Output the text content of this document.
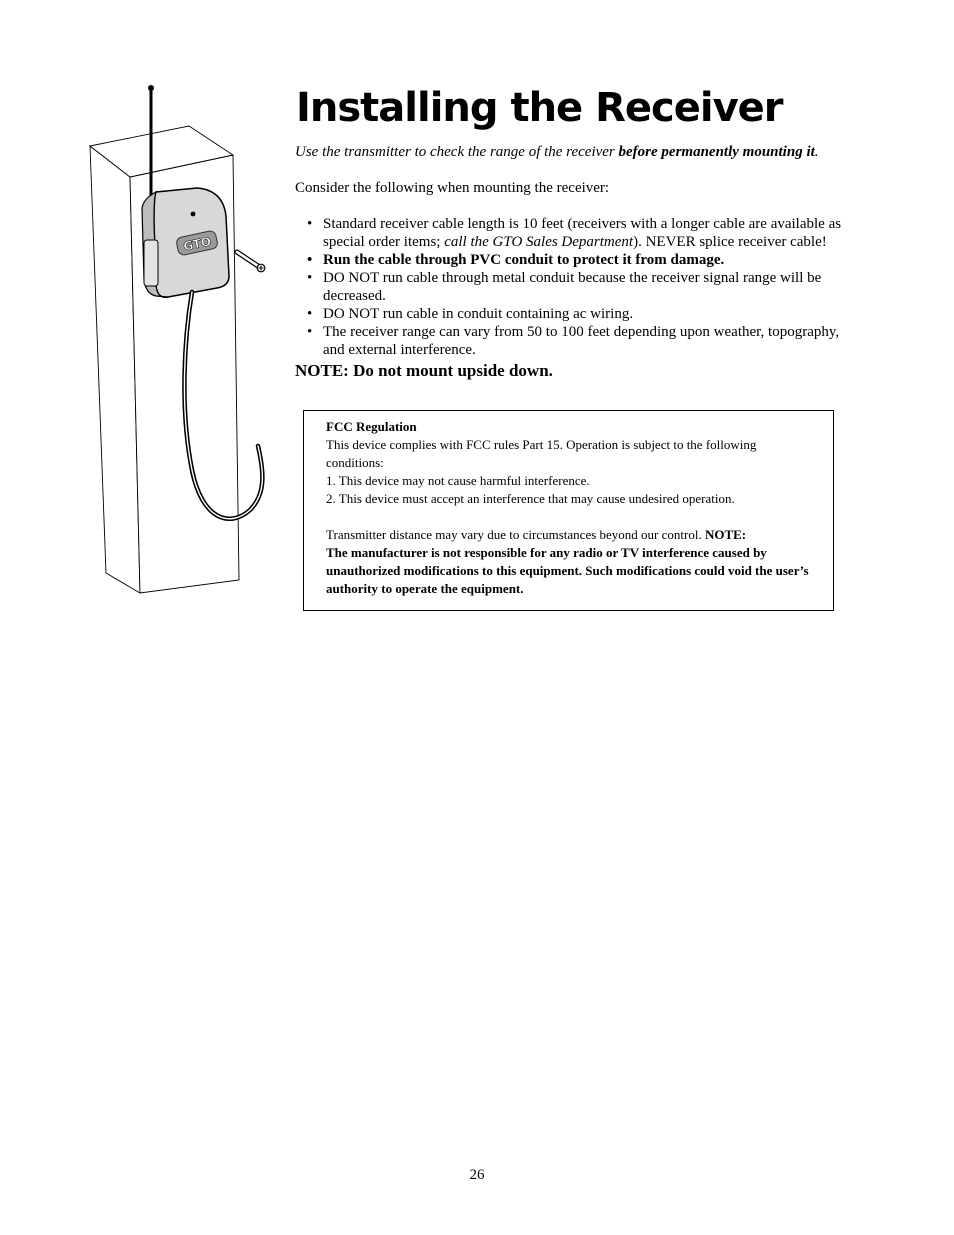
GTO
Installing the Receiver

Use the transmitter to check the range of the receiver before permanently mounting it.

Consider the following when mounting the receiver:

• Standard receiver cable length is 10 feet (receivers with a longer cable are available as special order items; call the GTO Sales Department). NEVER splice receiver cable!
• Run the cable through PVC conduit to protect it from damage.
• DO NOT run cable through metal conduit because the receiver signal range will be decreased.
• DO NOT run cable in conduit containing ac wiring.
• The receiver range can vary from 50 to 100 feet depending upon weather, topography, and external interference.

NOTE: Do not mount upside down.

FCC Regulation

This device complies with FCC rules Part 15. Operation is subject to the following conditions:

1. This device may not cause harmful interference.

2. This device must accept an interference that may cause undesired operation.

Transmitter distance may vary due to circumstances beyond our control. NOTE:
The manufacturer is not responsible for any radio or TV interference caused by unauthorized modifications to this equipment. Such modifications could void the user’s authority to operate the equipment.

26
